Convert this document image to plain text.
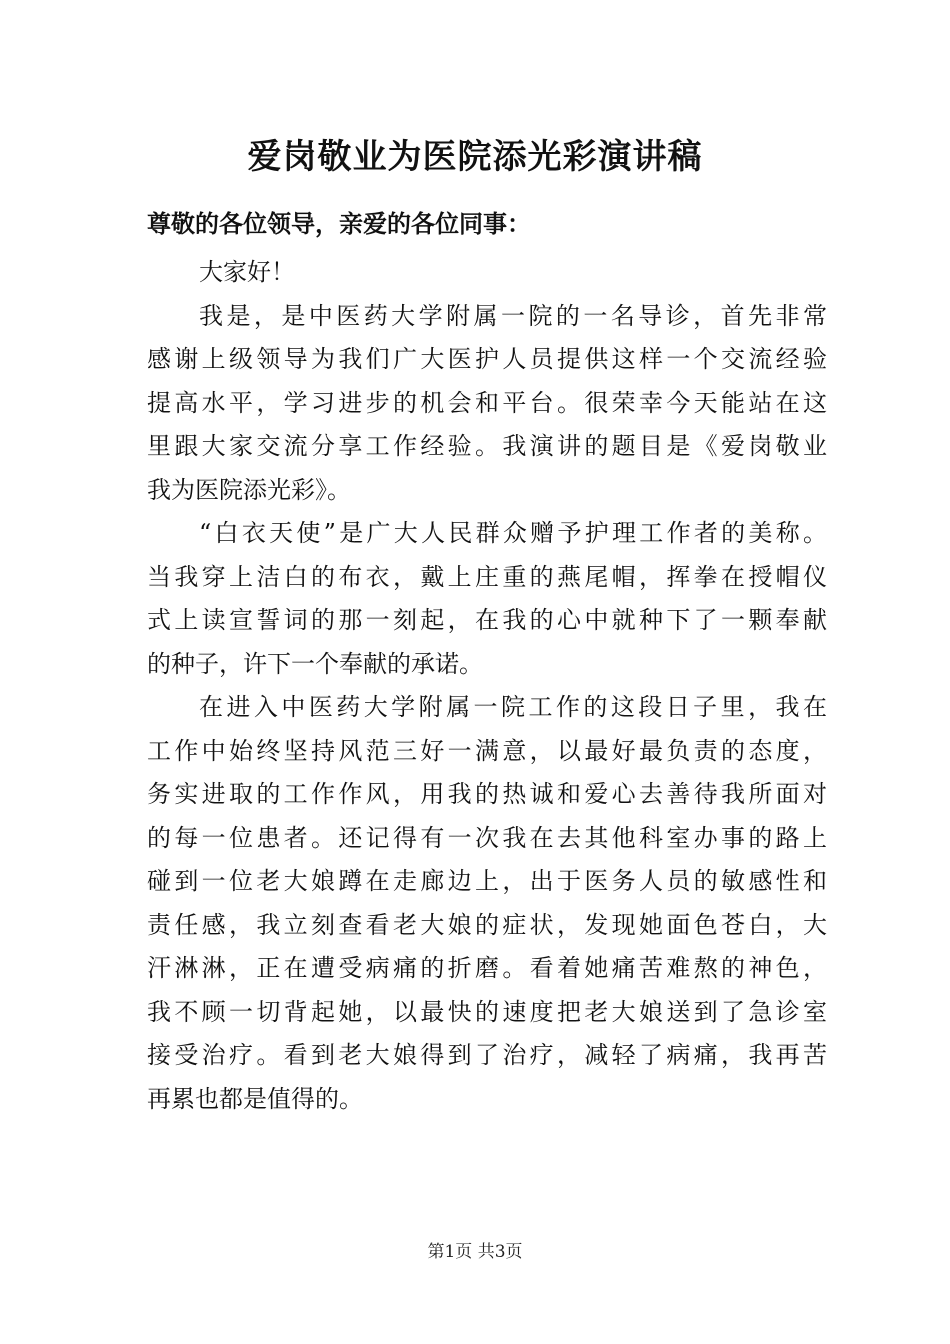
爱岗敬业为医院添光彩演讲稿
尊敬的各位领导，亲爱的各位同事：

大家好！

我是，是中医药大学附属一院的一名导诊，首先非常
感谢上级领导为我们广大医护人员提供这样一个交流经验
提高水平，学习进步的机会和平台。很荣幸今天能站在这
里跟大家交流分享工作经验。我演讲的题目是《爱岗敬业
我为医院添光彩》。

“白衣天使”是广大人民群众赠予护理工作者的美称。
当我穿上洁白的布衣，戴上庄重的燕尾帽，挥拳在授帽仪
式上读宣誓词的那一刻起，在我的心中就种下了一颗奉献
的种子，许下一个奉献的承诺。

在进入中医药大学附属一院工作的这段日子里，我在
工作中始终坚持风范三好一满意，以最好最负责的态度，
务实进取的工作作风，用我的热诚和爱心去善待我所面对
的每一位患者。还记得有一次我在去其他科室办事的路上
碰到一位老大娘蹲在走廊边上，出于医务人员的敏感性和
责任感，我立刻查看老大娘的症状，发现她面色苍白，大
汗淋淋，正在遭受病痛的折磨。看着她痛苦难熬的神色，
我不顾一切背起她，以最快的速度把老大娘送到了急诊室
接受治疗。看到老大娘得到了治疗，减轻了病痛，我再苦
再累也都是值得的。

第1页 共3页
